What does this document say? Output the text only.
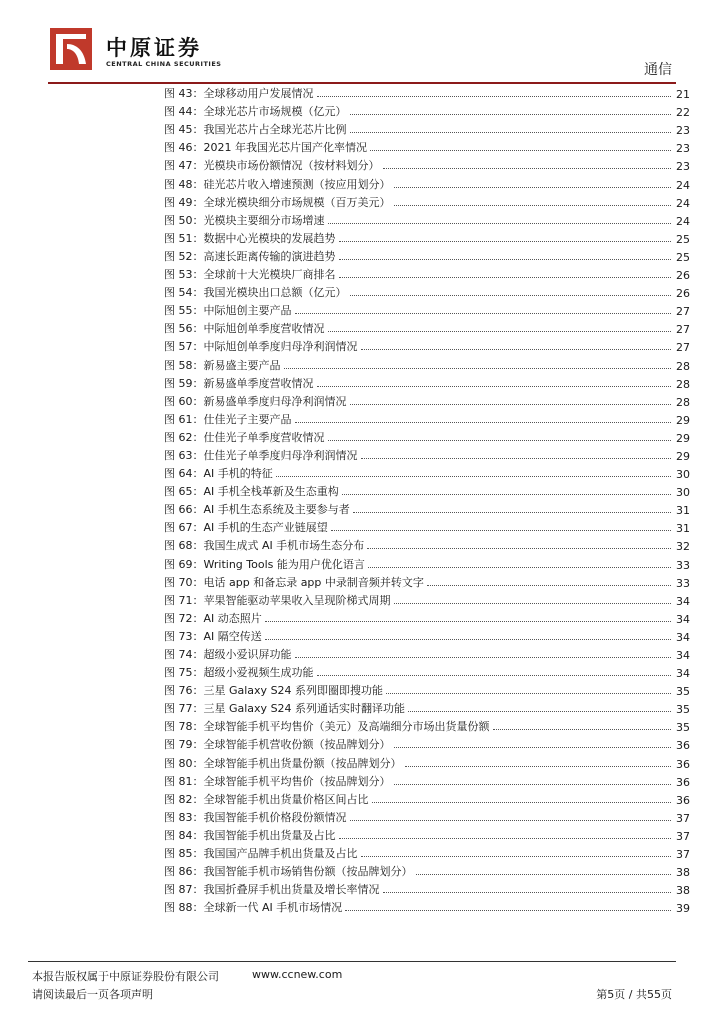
中原证券
CENTRAL CHINA SECURITIES	通信
图 43：全球移动用户发展情况	21
图 44：全球光芯片市场规模（亿元）	22
图 45：我国光芯片占全球光芯片比例	23
图 46：2021 年我国光芯片国产化率情况	23
图 47：光模块市场份额情况（按材料划分）	23
图 48：硅光芯片收入增速预测（按应用划分）	24
图 49：全球光模块细分市场规模（百万美元）	24
图 50：光模块主要细分市场增速	24
图 51：数据中心光模块的发展趋势	25
图 52：高速长距离传输的演进趋势	25
图 53：全球前十大光模块厂商排名	26
图 54：我国光模块出口总额（亿元）	26
图 55：中际旭创主要产品	27
图 56：中际旭创单季度营收情况	27
图 57：中际旭创单季度归母净利润情况	27
图 58：新易盛主要产品	28
图 59：新易盛单季度营收情况	28
图 60：新易盛单季度归母净利润情况	28
图 61：仕佳光子主要产品	29
图 62：仕佳光子单季度营收情况	29
图 63：仕佳光子单季度归母净利润情况	29
图 64：AI 手机的特征	30
图 65：AI 手机全栈革新及生态重构	30
图 66：AI 手机生态系统及主要参与者	31
图 67：AI 手机的生态产业链展望	31
图 68：我国生成式 AI 手机市场生态分布	32
图 69：Writing Tools 能为用户优化语言	33
图 70：电话 app 和备忘录 app 中录制音频并转文字	33
图 71：苹果智能驱动苹果收入呈现阶梯式周期	34
图 72：AI 动态照片	34
图 73：AI 隔空传送	34
图 74：超级小爱识屏功能	34
图 75：超级小爱视频生成功能	34
图 76：三星 Galaxy S24 系列即圈即搜功能	35
图 77：三星 Galaxy S24 系列通话实时翻译功能	35
图 78：全球智能手机平均售价（美元）及高端细分市场出货量份额	35
图 79：全球智能手机营收份额（按品牌划分）	36
图 80：全球智能手机出货量份额（按品牌划分）	36
图 81：全球智能手机平均售价（按品牌划分）	36
图 82：全球智能手机出货量价格区间占比	36
图 83：我国智能手机价格段份额情况	37
图 84：我国智能手机出货量及占比	37
图 85：我国国产品牌手机出货量及占比	37
图 86：我国智能手机市场销售份额（按品牌划分）	38
图 87：我国折叠屏手机出货量及增长率情况	38
图 88：全球新一代 AI 手机市场情况	39
本报告版权属于中原证券股份有限公司	www.ccnew.com
请阅读最后一页各项声明	第5页 / 共55页
